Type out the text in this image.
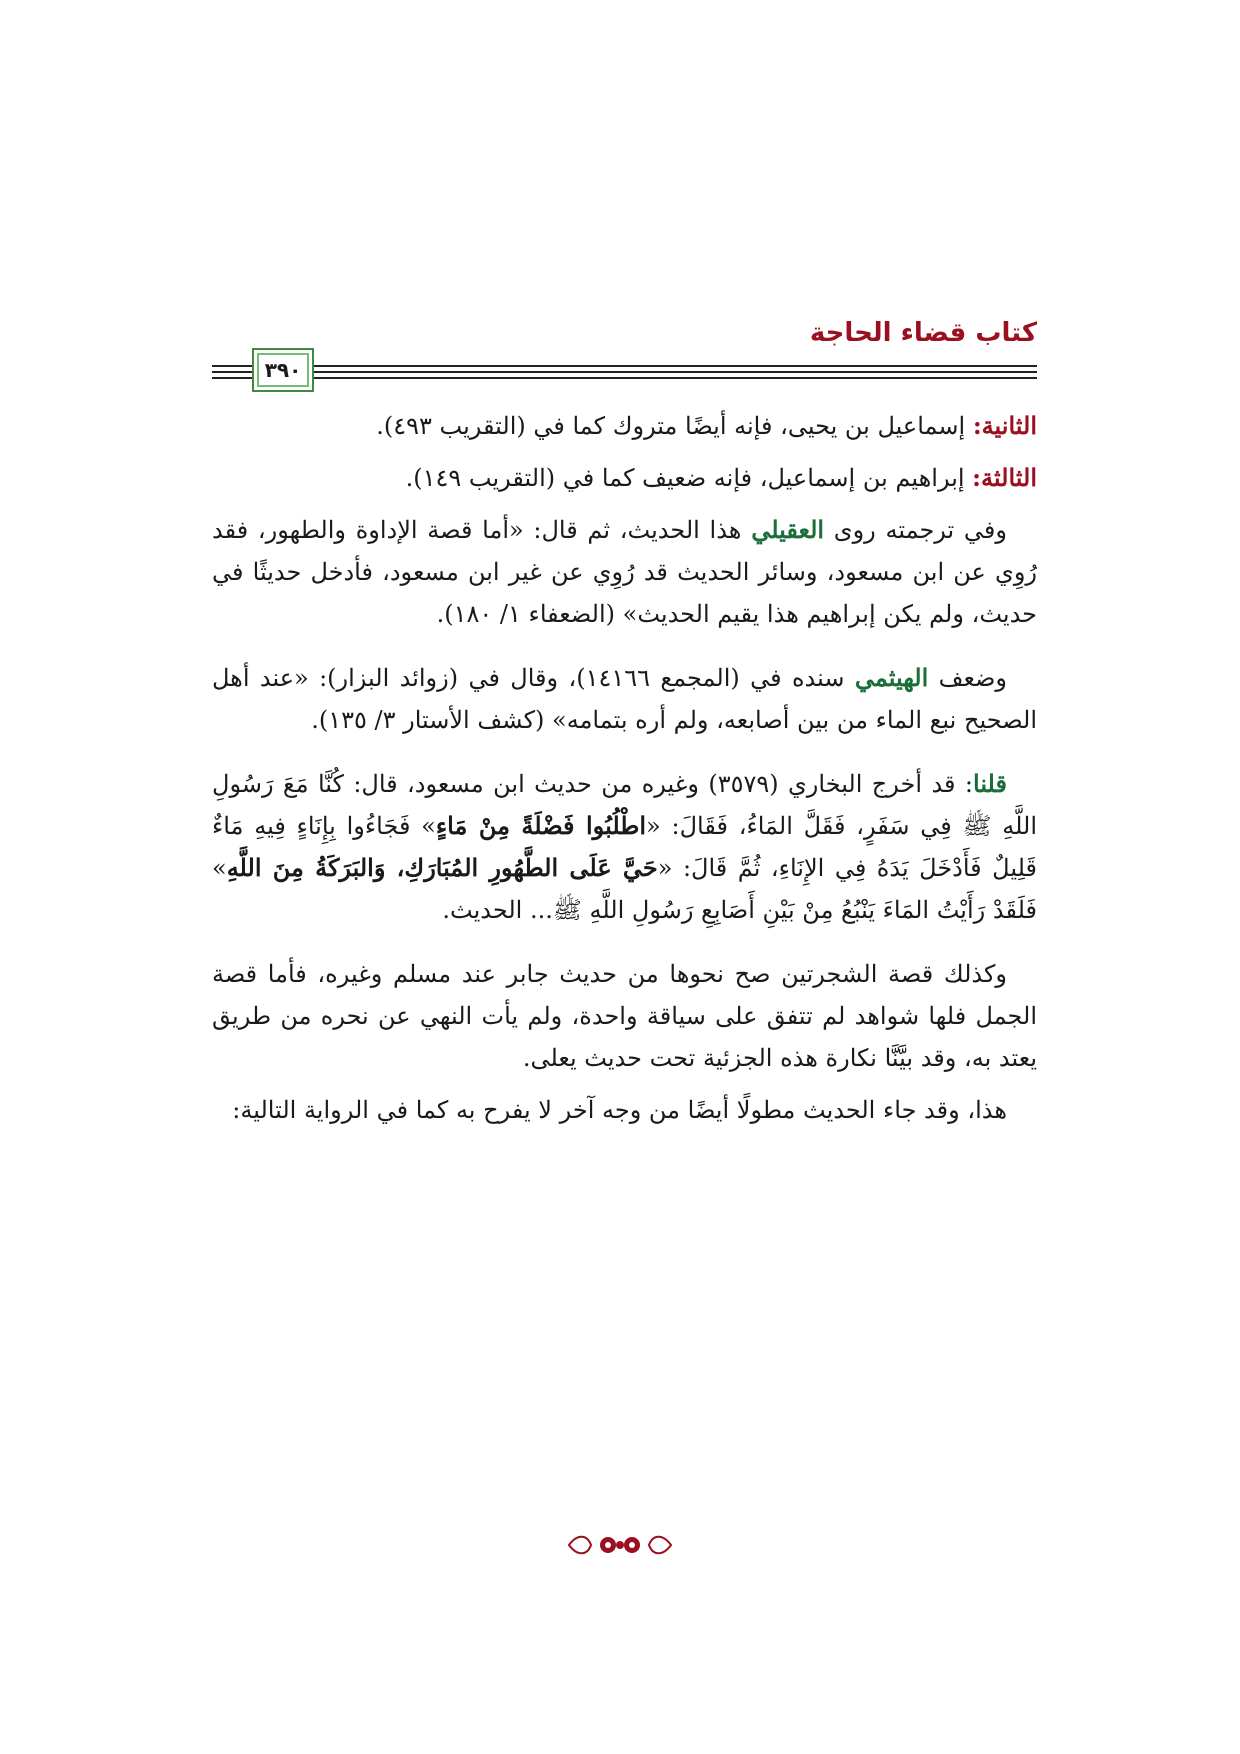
كتاب قضاء الحاجة
٣٩٠

الثانية: إسماعيل بن يحيى، فإنه أيضًا متروك كما في (التقريب ٤٩٣).

الثالثة: إبراهيم بن إسماعيل، فإنه ضعيف كما في (التقريب ١٤٩).

وفي ترجمته روى العقيلي هذا الحديث، ثم قال: «أما قصة الإداوة والطهور، فقد رُوِي عن ابن مسعود، وسائر الحديث قد رُوِي عن غير ابن مسعود، فأدخل حديثًا في حديث، ولم يكن إبراهيم هذا يقيم الحديث» (الضعفاء ١/ ١٨٠).

وضعف الهيثمي سنده في (المجمع ١٤١٦٦)، وقال في (زوائد البزار): «عند أهل الصحيح نبع الماء من بين أصابعه، ولم أره بتمامه» (كشف الأستار ٣/ ١٣٥).

قلنا: قد أخرج البخاري (٣٥٧٩) وغيره من حديث ابن مسعود، قال: كُنَّا مَعَ رَسُولِ اللَّهِ ﷺ فِي سَفَرٍ، فَقَلَّ المَاءُ، فَقَالَ: «اطْلُبُوا فَضْلَةً مِنْ مَاءٍ» فَجَاءُوا بِإِنَاءٍ فِيهِ مَاءٌ قَلِيلٌ فَأَدْخَلَ يَدَهُ فِي الإِنَاءِ، ثُمَّ قَالَ: «حَيَّ عَلَى الطَّهُورِ المُبَارَكِ، وَالبَرَكَةُ مِنَ اللَّهِ» فَلَقَدْ رَأَيْتُ المَاءَ يَنْبُعُ مِنْ بَيْنِ أَصَابِعِ رَسُولِ اللَّهِ ﷺ... الحديث.

وكذلك قصة الشجرتين صح نحوها من حديث جابر عند مسلم وغيره، فأما قصة الجمل فلها شواهد لم تتفق على سياقة واحدة، ولم يأت النهي عن نحره من طريق يعتد به، وقد بيَّنَّا نكارة هذه الجزئية تحت حديث يعلى.

هذا، وقد جاء الحديث مطولًا أيضًا من وجه آخر لا يفرح به كما في الرواية التالية:
